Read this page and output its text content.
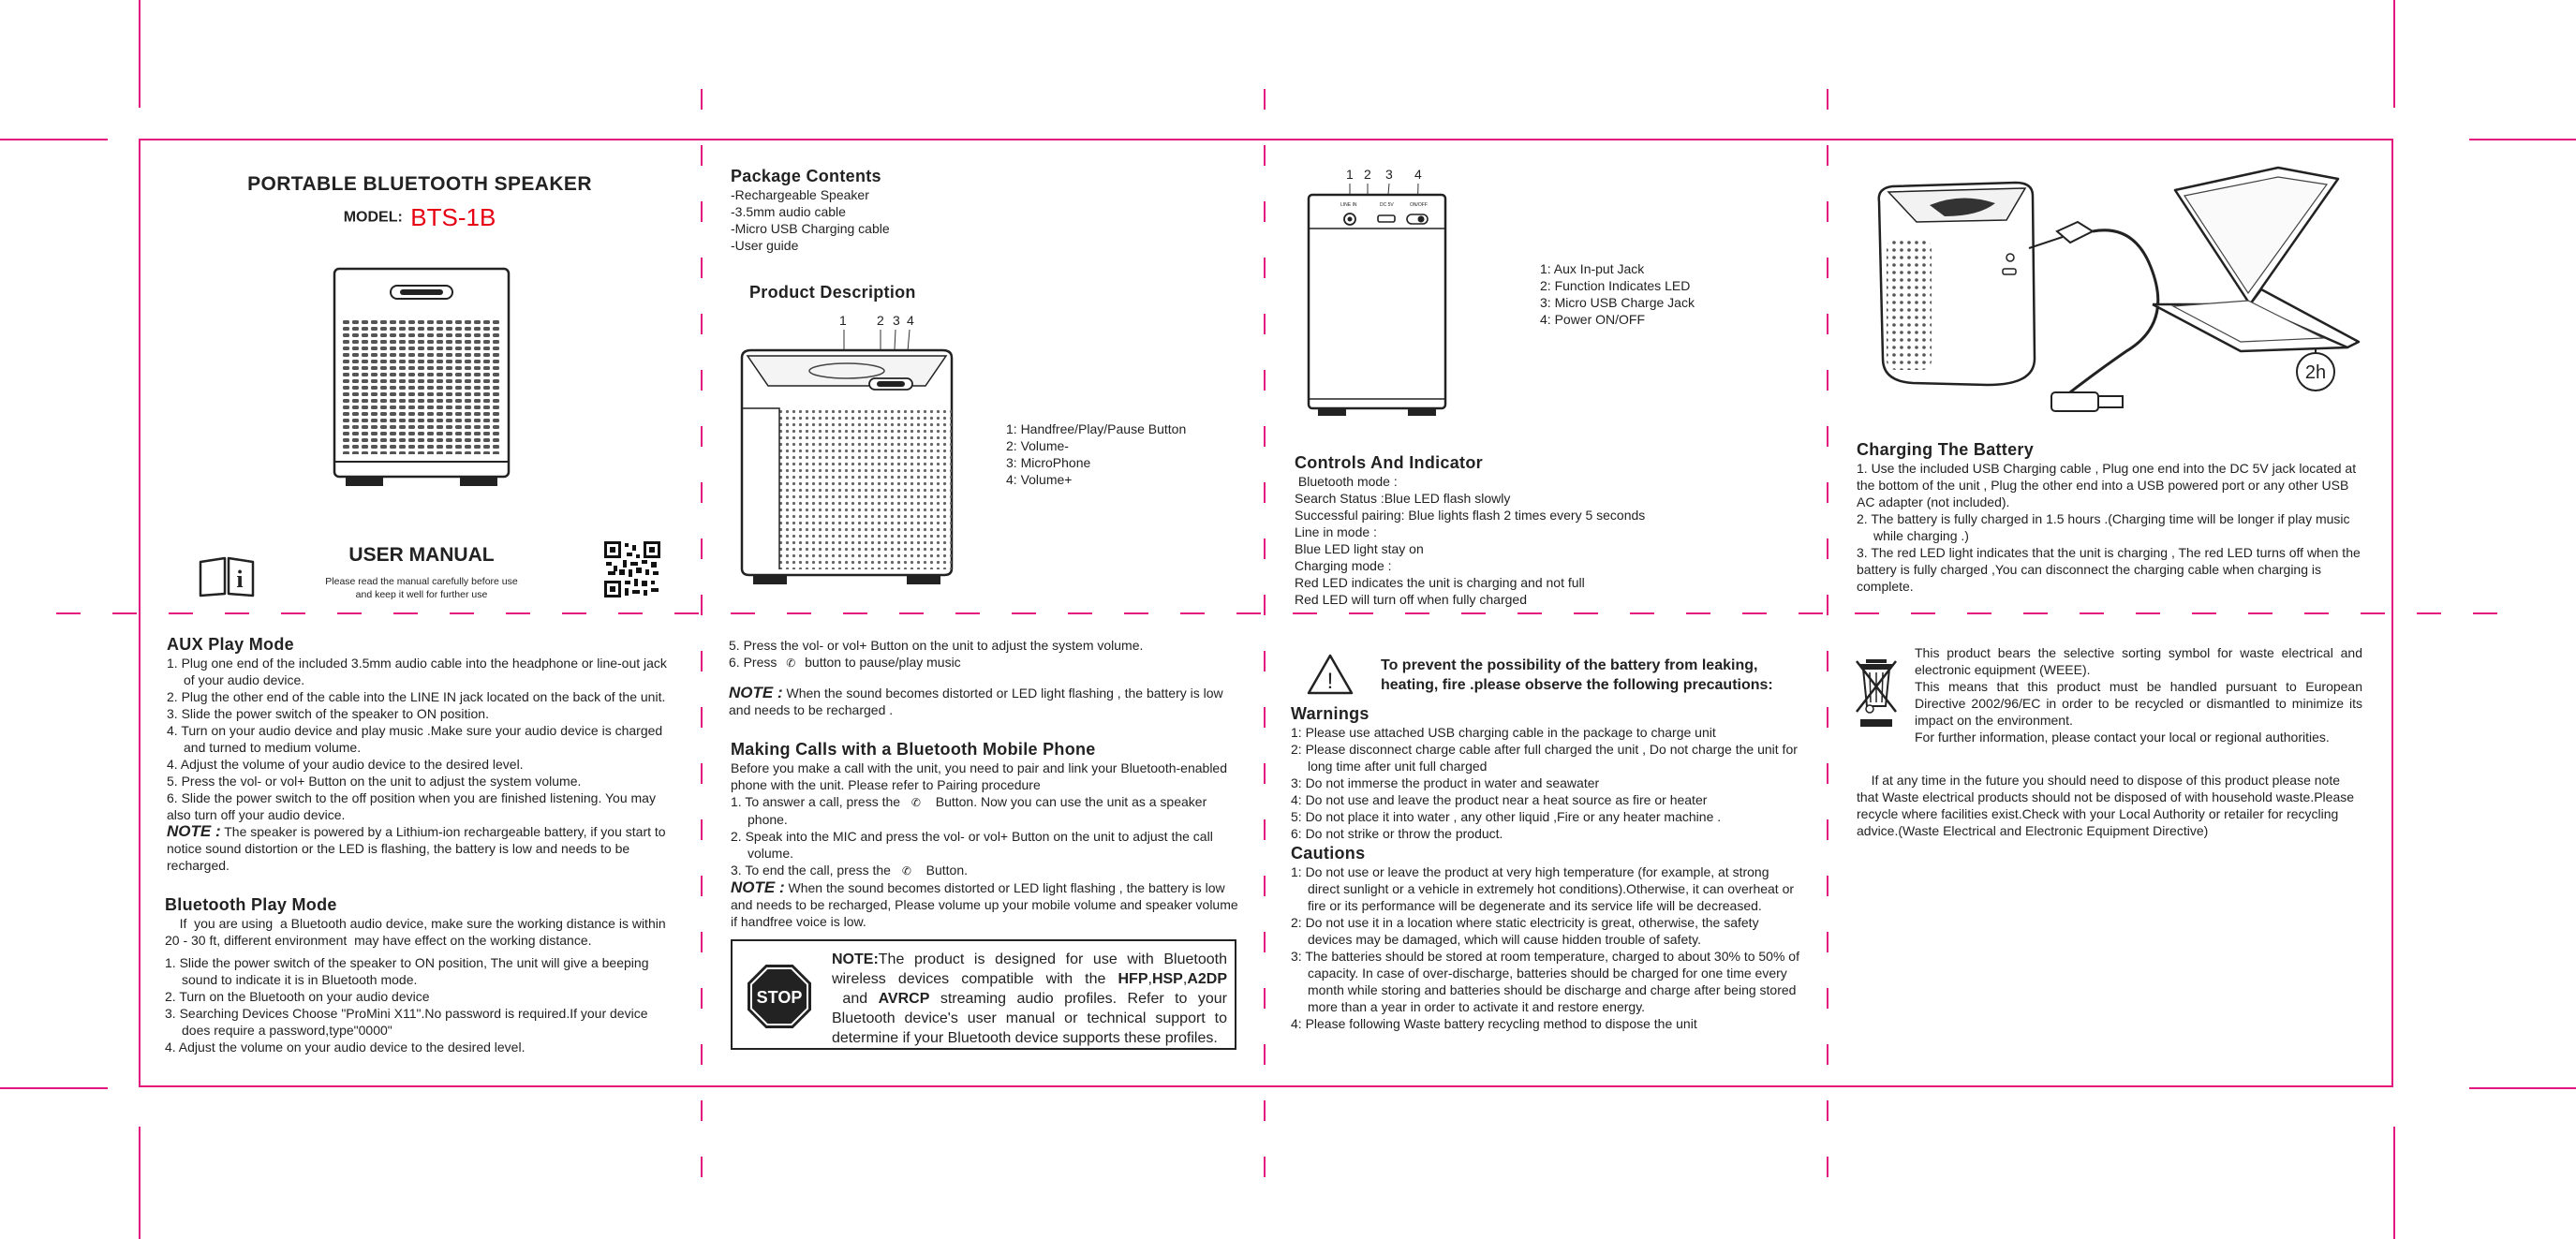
PORTABLE BLUETOOTH SPEAKER
MODEL: BTS-1B
i
USER MANUAL
Please read the manual carefully before use
and keep it well for further use
Package Contents
-Rechargeable Speaker
-3.5mm audio cable
-Micro USB Charging cable
-User guide
Product Description
1 2 3 4
1: Handfree/Play/Pause Button
2: Volume-
3: MicroPhone
4: Volume+
1 2 3 4
LINE IN	DC 5V	ON/OFF
1: Aux In-put Jack
2: Function Indicates LED
3: Micro USB Charge Jack
4: Power ON/OFF
Controls And Indicator
Bluetooth mode :
Search Status :Blue LED flash slowly
Successful pairing: Blue lights flash 2 times every 5 seconds
Line in mode :
Blue LED light stay on
Charging mode :
Red LED indicates the unit is charging and not full
Red LED will turn off when fully charged
2h
Charging The Battery
1. Use the included USB Charging cable , Plug one end into the DC 5V jack located at the bottom of the unit , Plug the other end into a USB powered port or any other USB AC adapter (not included).
2. The battery is fully charged in 1.5 hours .(Charging time will be longer if play music while charging .)
3. The red LED light indicates that the unit is charging , The red LED turns off when the battery is fully charged ,You can disconnect the charging cable when charging is complete.
AUX Play Mode
1. Plug one end of the included 3.5mm audio cable into the headphone or line-out jack of your audio device.
2. Plug the other end of the cable into the LINE IN jack located on the back of the unit.
3. Slide the power switch of the speaker to ON position.
4. Turn on your audio device and play music .Make sure your audio device is charged and turned to medium volume.
4. Adjust the volume of your audio device to the desired level.
5. Press the vol- or vol+ Button on the unit to adjust the system volume.
6. Slide the power switch to the off position when you are finished listening. You may also turn off your audio device.
NOTE : The speaker is powered by a Lithium-ion rechargeable battery, if you start to notice sound distortion or the LED is flashing, the battery is low and needs to be recharged.
Bluetooth Play Mode
If  you are using  a Bluetooth audio device, make sure the working distance is within 20 - 30 ft, different environment  may have effect on the working distance.
1. Slide the power switch of the speaker to ON position, The unit will give a beeping sound to indicate it is in Bluetooth mode.
2. Turn on the Bluetooth on your audio device
3. Searching Devices Choose "ProMini X11".No password is required.If your device does require a password,type"0000"
4. Adjust the volume on your audio device to the desired level.
5. Press the vol- or vol+ Button on the unit to adjust the system volume.
6. Press ✆ button to pause/play music
NOTE : When the sound becomes distorted or LED light flashing , the battery is low and needs to be recharged .
Making Calls with a Bluetooth Mobile Phone
Before you make a call with the unit, you need to pair and link your Bluetooth-enabled phone with the unit. Please refer to Pairing procedure
1. To answer a call, press the ✆  Button. Now you can use the unit as a speaker phone.
2. Speak into the MIC and press the vol- or vol+ Button on the unit to adjust the call volume.
3. To end the call, press the ✆  Button.
NOTE : When the sound becomes distorted or LED light flashing , the battery is low and needs to be recharged, Please volume up your mobile volume and speaker volume if handfree voice is low.
STOP
NOTE:The product is designed for use with Bluetooth wireless devices compatible with the HFP,HSP,A2DP and AVRCP streaming audio profiles. Refer to your Bluetooth device's user manual or technical support to determine if your Bluetooth device supports these profiles.
!
To prevent the possibility of the battery from leaking, heating, fire .please observe the following precautions:
Warnings
1: Please use attached USB charging cable in the package to charge unit
2: Please disconnect charge cable after full charged the unit , Do not charge the unit for long time after unit full charged
3: Do not immerse the product in water and seawater
4: Do not use and leave the product near a heat source as fire or heater
5: Do not place it into water , any other liquid ,Fire or any heater machine .
6: Do not strike or throw the product.
Cautions
1: Do not use or leave the product at very high temperature (for example, at strong direct sunlight or a vehicle in extremely hot conditions).Otherwise, it can overheat or fire or its performance will be degenerate and its service life will be decreased.
2: Do not use it in a location where static electricity is great, otherwise, the safety devices may be damaged, which will cause hidden trouble of safety.
3: The batteries should be stored at room temperature, charged to about 30% to 50% of capacity. In case of over-discharge, batteries should be charged for one time every month while storing and batteries should be discharge and charge after being stored more than a year in order to activate it and restore energy.
4: Please following Waste battery recycling method to dispose the unit
This product bears the selective sorting symbol for waste electrical and electronic equipment (WEEE).
This means that this product must be handled pursuant to European Directive 2002/96/EC in order to be recycled or dismantled to minimize its impact on the environment.
For further information, please contact your local or regional authorities.
If at any time in the future you should need to dispose of this product please note that Waste electrical products should not be disposed of with household waste.Please recycle where facilities exist.Check with your Local Authority or retailer for recycling advice.(Waste Electrical and Electronic Equipment Directive)
